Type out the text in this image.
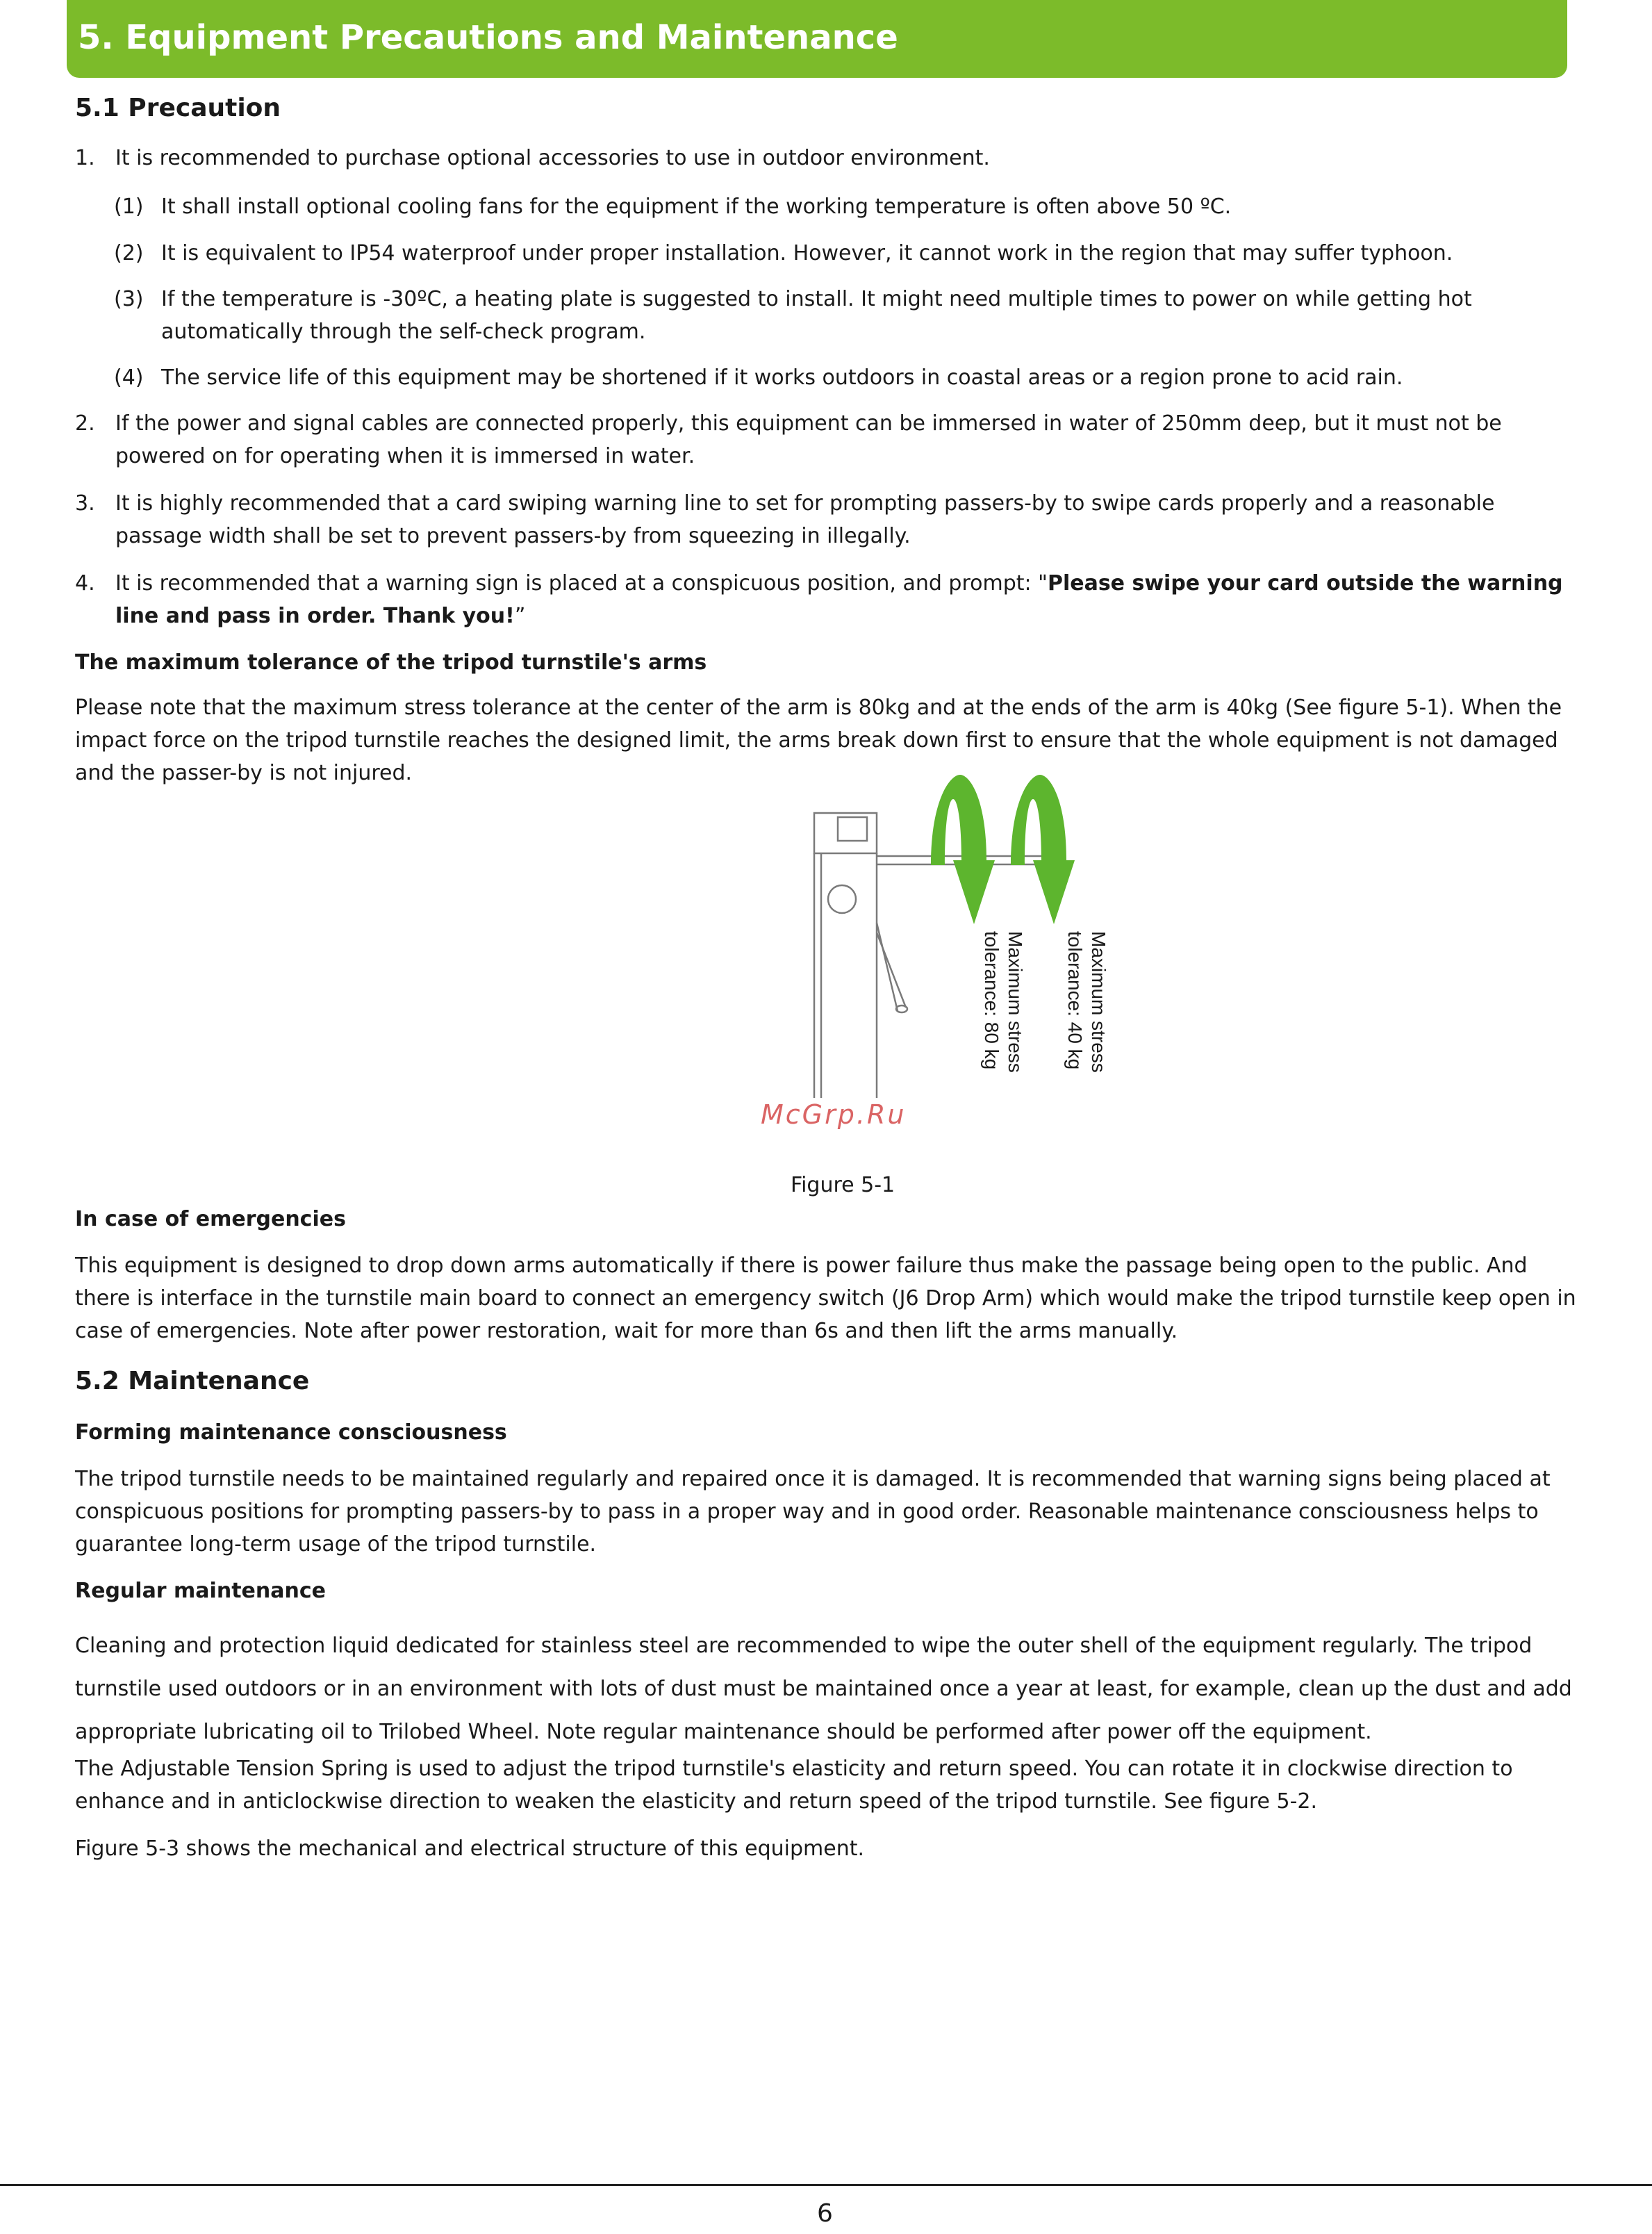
5. Equipment Precautions and Maintenance
5.1 Precaution
1. It is recommended to purchase optional accessories to use in outdoor environment.
(1) It shall install optional cooling fans for the equipment if the working temperature is often above 50 ºC.
(2) It is equivalent to IP54 waterproof under proper installation. However, it cannot work in the region that may suffer typhoon.
(3) If the temperature is -30ºC, a heating plate is suggested to install. It might need multiple times to power on while getting hot automatically through the self-check program.
(4) The service life of this equipment may be shortened if it works outdoors in coastal areas or a region prone to acid rain.
2. If the power and signal cables are connected properly, this equipment can be immersed in water of 250mm deep, but it must not be powered on for operating when it is immersed in water.
3. It is highly recommended that a card swiping warning line to set for prompting passers-by to swipe cards properly and a reasonable passage width shall be set to prevent passers-by from squeezing in illegally.
4. It is recommended that a warning sign is placed at a conspicuous position, and prompt: "Please swipe your card outside the warning line and pass in order. Thank you!”
The maximum tolerance of the tripod turnstile's arms

Please note that the maximum stress tolerance at the center of the arm is 80kg and at the ends of the arm is 40kg (See figure 5-1). When the impact force on the tripod turnstile reaches the designed limit, the arms break down first to ensure that the whole equipment is not damaged and the passer-by is not injured.

Maximum stress
tolerance: 80 kg	Maximum stress
tolerance: 40 kg
McGrp.Ru
Figure 5-1
In case of emergencies

This equipment is designed to drop down arms automatically if there is power failure thus make the passage being open to the public. And there is interface in the turnstile main board to connect an emergency switch (J6 Drop Arm) which would make the tripod turnstile keep open in case of emergencies. Note after power restoration, wait for more than 6s and then lift the arms manually.

5.2 Maintenance
Forming maintenance consciousness

The tripod turnstile needs to be maintained regularly and repaired once it is damaged. It is recommended that warning signs being placed at conspicuous positions for prompting passers-by to pass in a proper way and in good order. Reasonable maintenance consciousness helps to guarantee long-term usage of the tripod turnstile.

Regular maintenance

Cleaning and protection liquid dedicated for stainless steel are recommended to wipe the outer shell of the equipment regularly. The tripod turnstile used outdoors or in an environment with lots of dust must be maintained once a year at least, for example, clean up the dust and add appropriate lubricating oil to Trilobed Wheel. Note regular maintenance should be performed after power off the equipment.

The Adjustable Tension Spring is used to adjust the tripod turnstile's elasticity and return speed. You can rotate it in clockwise direction to enhance and in anticlockwise direction to weaken the elasticity and return speed of the tripod turnstile. See figure 5-2.

Figure 5-3 shows the mechanical and electrical structure of this equipment.

6
